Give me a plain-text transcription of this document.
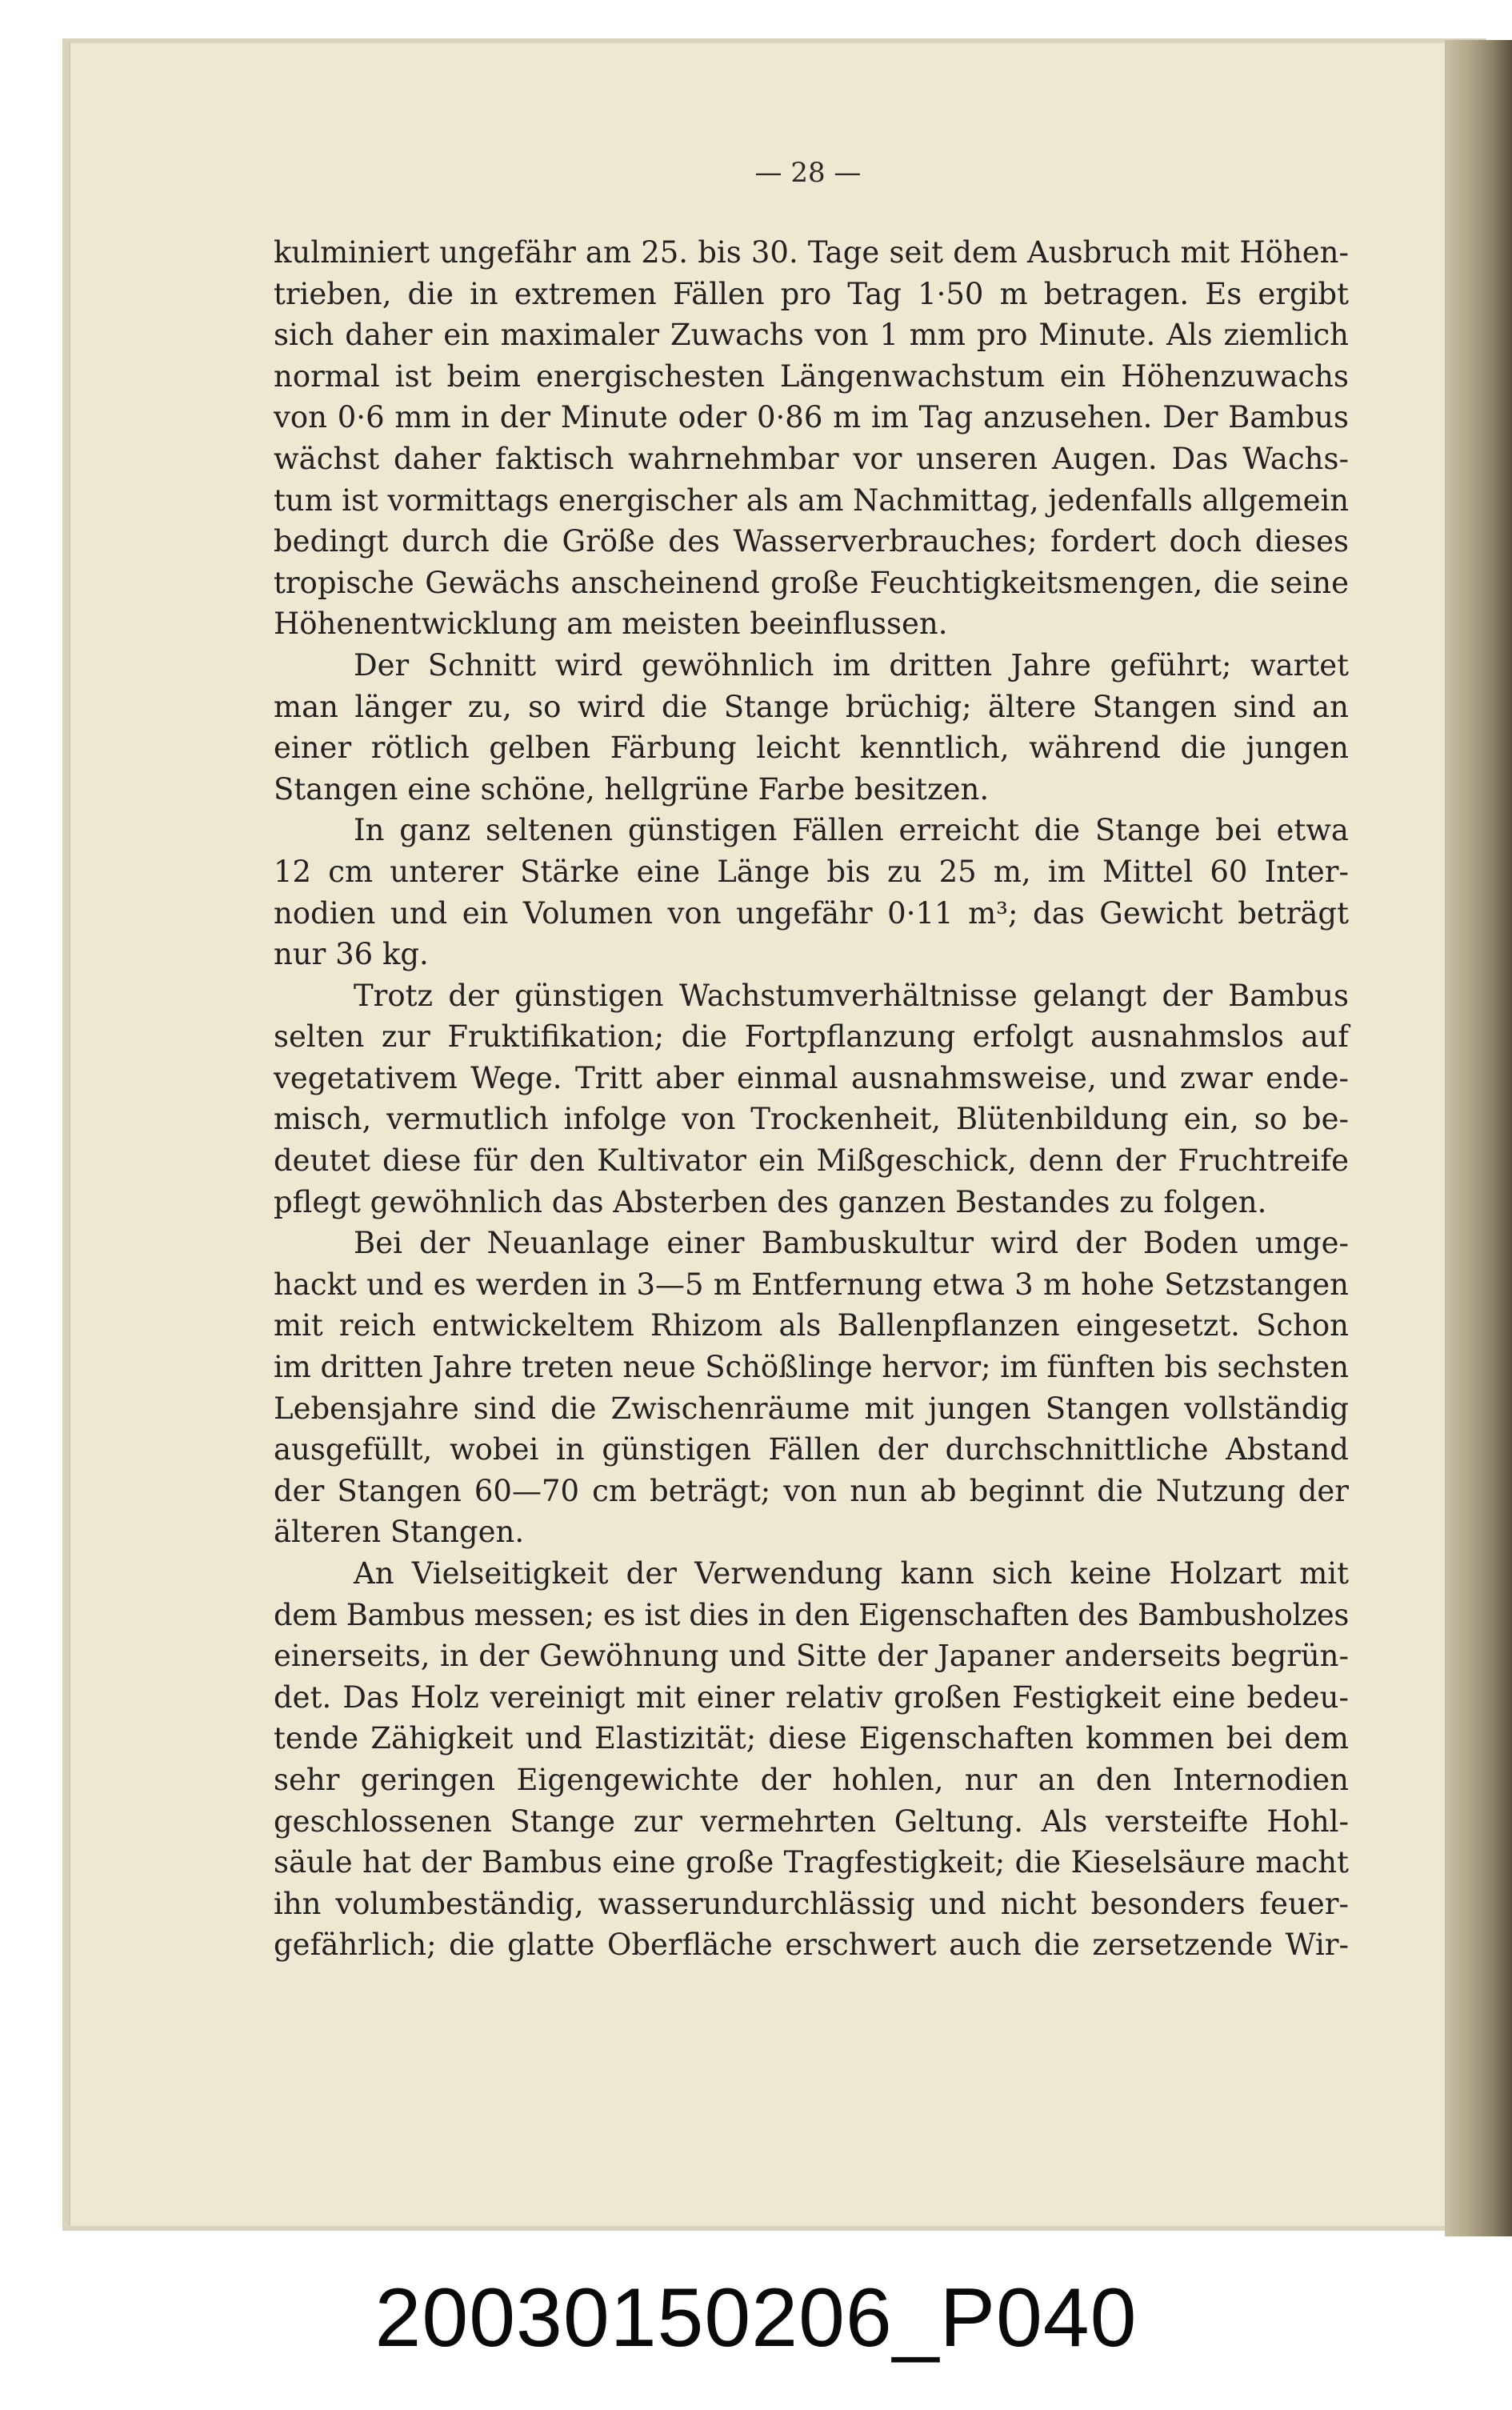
— 28 —
kulminiert ungefähr am 25. bis 30. Tage seit dem Ausbruch mit Höhen-
trieben, die in extremen Fällen pro Tag 1·50 m betragen. Es ergibt
sich daher ein maximaler Zuwachs von 1 mm pro Minute. Als ziemlich
normal ist beim energischesten Längenwachstum ein Höhenzuwachs
von 0·6 mm in der Minute oder 0·86 m im Tag anzusehen. Der Bambus
wächst daher faktisch wahrnehmbar vor unseren Augen. Das Wachs-
tum ist vormittags energischer als am Nachmittag, jedenfalls allgemein
bedingt durch die Größe des Wasserverbrauches; fordert doch dieses
tropische Gewächs anscheinend große Feuchtigkeitsmengen, die seine
Höhenentwicklung am meisten beeinflussen.
Der Schnitt wird gewöhnlich im dritten Jahre geführt; wartet
man länger zu, so wird die Stange brüchig; ältere Stangen sind an
einer rötlich gelben Färbung leicht kenntlich, während die jungen
Stangen eine schöne, hellgrüne Farbe besitzen.
In ganz seltenen günstigen Fällen erreicht die Stange bei etwa
12 cm unterer Stärke eine Länge bis zu 25 m, im Mittel 60 Inter-
nodien und ein Volumen von ungefähr 0·11 m³; das Gewicht beträgt
nur 36 kg.
Trotz der günstigen Wachstumverhältnisse gelangt der Bambus
selten zur Fruktifikation; die Fortpflanzung erfolgt ausnahmslos auf
vegetativem Wege. Tritt aber einmal ausnahmsweise, und zwar ende-
misch, vermutlich infolge von Trockenheit, Blütenbildung ein, so be-
deutet diese für den Kultivator ein Mißgeschick, denn der Fruchtreife
pflegt gewöhnlich das Absterben des ganzen Bestandes zu folgen.
Bei der Neuanlage einer Bambuskultur wird der Boden umge-
hackt und es werden in 3—5 m Entfernung etwa 3 m hohe Setzstangen
mit reich entwickeltem Rhizom als Ballenpflanzen eingesetzt. Schon
im dritten Jahre treten neue Schößlinge hervor; im fünften bis sechsten
Lebensjahre sind die Zwischenräume mit jungen Stangen vollständig
ausgefüllt, wobei in günstigen Fällen der durchschnittliche Abstand
der Stangen 60—70 cm beträgt; von nun ab beginnt die Nutzung der
älteren Stangen.
An Vielseitigkeit der Verwendung kann sich keine Holzart mit
dem Bambus messen; es ist dies in den Eigenschaften des Bambusholzes
einerseits, in der Gewöhnung und Sitte der Japaner anderseits begrün-
det. Das Holz vereinigt mit einer relativ großen Festigkeit eine bedeu-
tende Zähigkeit und Elastizität; diese Eigenschaften kommen bei dem
sehr geringen Eigengewichte der hohlen, nur an den Internodien
geschlossenen Stange zur vermehrten Geltung. Als versteifte Hohl-
säule hat der Bambus eine große Tragfestigkeit; die Kieselsäure macht
ihn volumbeständig, wasserundurchlässig und nicht besonders feuer-
gefährlich; die glatte Oberfläche erschwert auch die zersetzende Wir-
20030150206_P040
